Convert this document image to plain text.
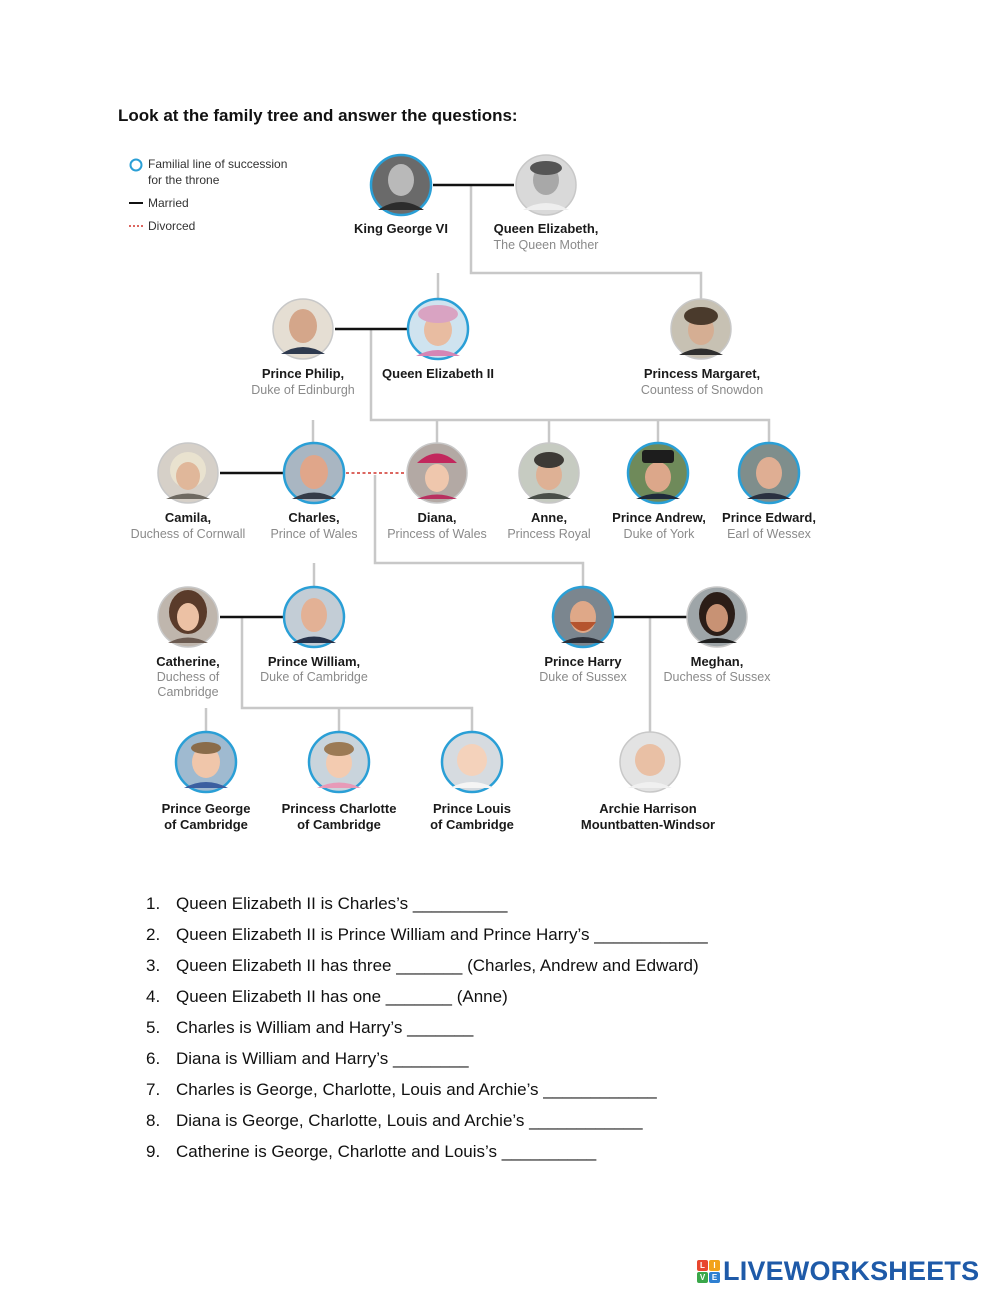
Look at the family tree and answer the questions:
Familial line of succession
for the throne
Married
Divorced	King George VI	Queen Elizabeth,
The Queen Mother
Prince Philip,
Duke of Edinburgh
Queen Elizabeth II	Princess Margaret,
Countess of Snowdon
Camila,
Duchess of Cornwall
Charles,
Prince of Wales
Diana,
Princess of Wales
Anne,
Princess Royal
Prince Andrew,
Duke of York
Prince Edward,
Earl of Wessex
Catherine,
Duchess of
Cambridge
Prince William,
Duke of Cambridge
Prince Harry
Duke of Sussex
Meghan,
Duchess of Sussex
Prince George
of Cambridge
Princess Charlotte
of Cambridge
Prince Louis
of Cambridge
Archie Harrison
Mountbatten-Windsor
1. Queen Elizabeth II is Charles’s __________
2. Queen Elizabeth II is Prince William and Prince Harry’s ____________
3. Queen Elizabeth II has three _______ (Charles, Andrew and Edward)
4. Queen Elizabeth II has one _______ (Anne)
5. Charles is William and Harry’s _______
6. Diana is William and Harry’s ________
7. Charles is George, Charlotte, Louis and Archie’s ____________
8. Diana is George, Charlotte, Louis and Archie’s ____________
9. Catherine is George, Charlotte and Louis’s __________
L	I
V E LIVEWORKSHEETS
